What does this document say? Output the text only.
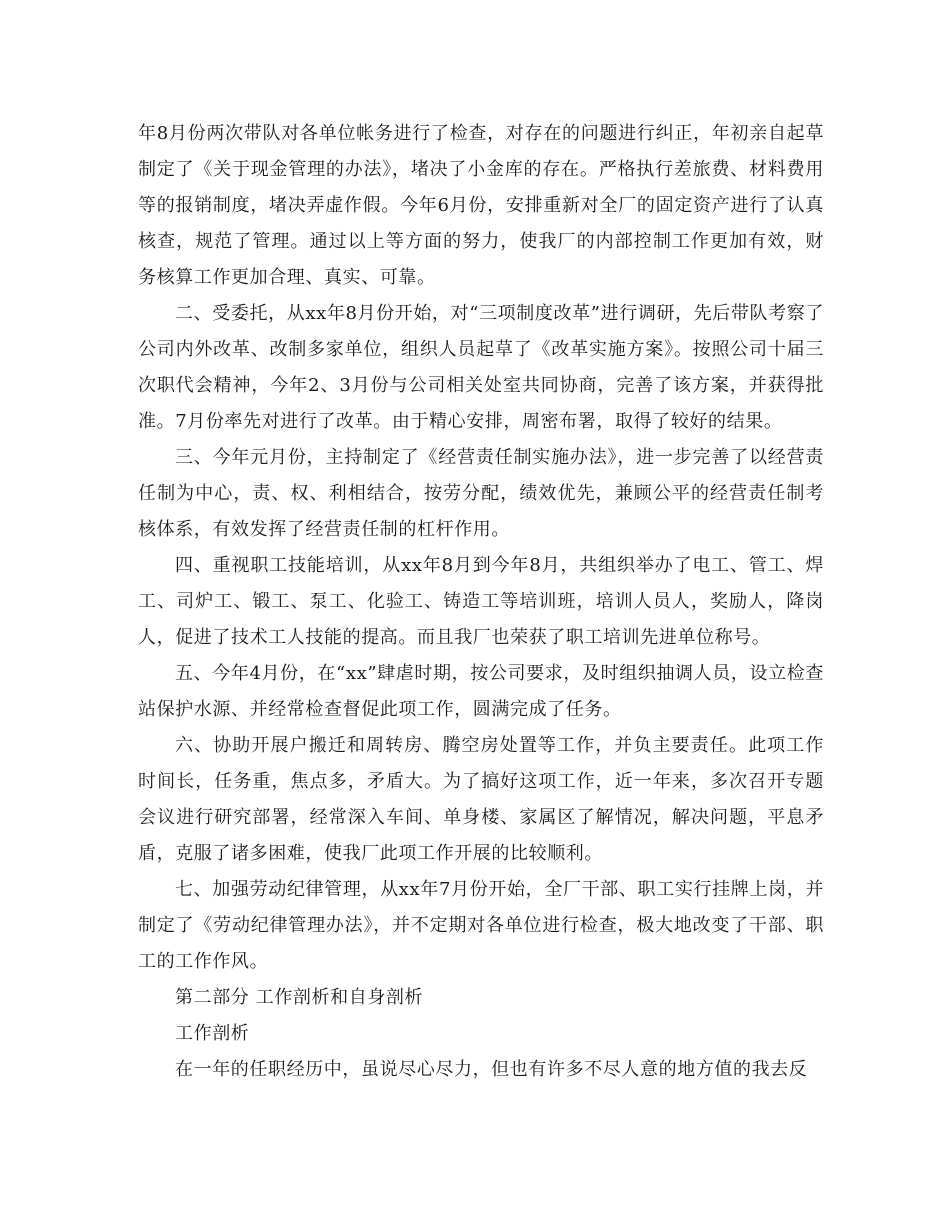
年8月份两次带队对各单位帐务进行了检查，对存在的问题进行纠正，年初亲自起草制定了《关于现金管理的办法》，堵决了小金库的存在。严格执行差旅费、材料费用等的报销制度，堵决弄虚作假。今年6月份，安排重新对全厂的固定资产进行了认真核查，规范了管理。通过以上等方面的努力，使我厂的内部控制工作更加有效，财务核算工作更加合理、真实、可靠。

二、受委托，从xx年8月份开始，对“三项制度改革”进行调研，先后带队考察了公司内外改革、改制多家单位，组织人员起草了《改革实施方案》。按照公司十届三次职代会精神，今年2、3月份与公司相关处室共同协商，完善了该方案，并获得批准。7月份率先对进行了改革。由于精心安排，周密布署，取得了较好的结果。

三、今年元月份，主持制定了《经营责任制实施办法》，进一步完善了以经营责任制为中心，责、权、利相结合，按劳分配，绩效优先，兼顾公平的经营责任制考核体系，有效发挥了经营责任制的杠杆作用。

四、重视职工技能培训，从xx年8月到今年8月，共组织举办了电工、管工、焊工、司炉工、锻工、泵工、化验工、铸造工等培训班，培训人员人，奖励人，降岗人，促进了技术工人技能的提高。而且我厂也荣获了职工培训先进单位称号。

五、今年4月份，在“xx”肆虐时期，按公司要求，及时组织抽调人员，设立检查站保护水源、并经常检查督促此项工作，圆满完成了任务。

六、协助开展户搬迁和周转房、腾空房处置等工作，并负主要责任。此项工作时间长，任务重，焦点多，矛盾大。为了搞好这项工作，近一年来，多次召开专题会议进行研究部署，经常深入车间、单身楼、家属区了解情况，解决问题，平息矛盾，克服了诸多困难，使我厂此项工作开展的比较顺利。

七、加强劳动纪律管理，从xx年7月份开始，全厂干部、职工实行挂牌上岗，并制定了《劳动纪律管理办法》，并不定期对各单位进行检查，极大地改变了干部、职工的工作作风。

第二部分 工作剖析和自身剖析

工作剖析

在一年的任职经历中，虽说尽心尽力，但也有许多不尽人意的地方值的我去反
